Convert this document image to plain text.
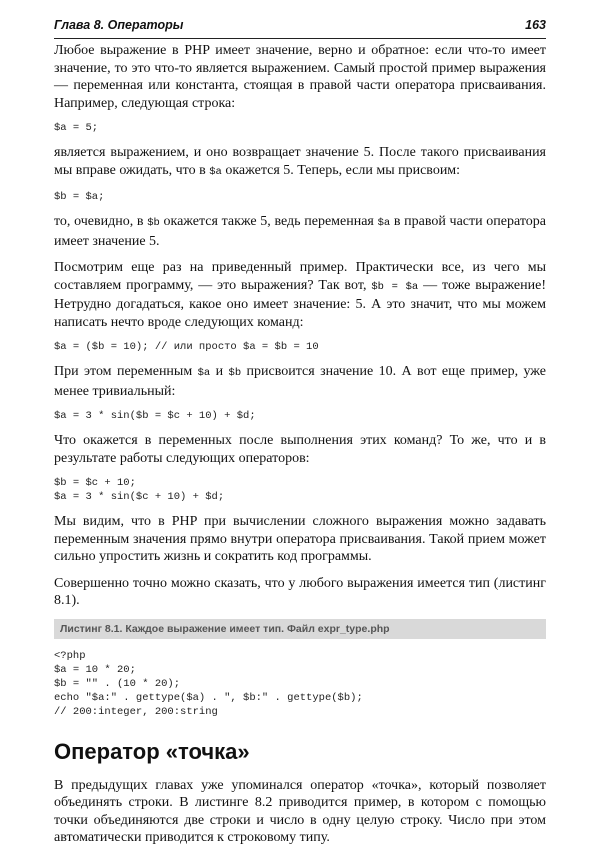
Глава 8. Операторы	163

Любое выражение в PHP имеет значение, верно и обратное: если что-то имеет значение, то это что-то является выражением. Самый простой пример выражения — переменная или константа, стоящая в правой части оператора присваивания. Например, следующая строка:

$a = 5;

является выражением, и оно возвращает значение 5. После такого присваивания мы вправе ожидать, что в $a окажется 5. Теперь, если мы присвоим:

$b = $a;

то, очевидно, в $b окажется также 5, ведь переменная $a в правой части оператора имеет значение 5.

Посмотрим еще раз на приведенный пример. Практически все, из чего мы составляем программу, — это выражения? Так вот, $b = $a — тоже выражение! Нетрудно догадаться, какое оно имеет значение: 5. А это значит, что мы можем написать нечто вроде следующих команд:

$a = ($b = 10); // или просто $a = $b = 10

При этом переменным $a и $b присвоится значение 10. А вот еще пример, уже менее тривиальный:

$a = 3 * sin($b = $c + 10) + $d;

Что окажется в переменных после выполнения этих команд? То же, что и в результате работы следующих операторов:

$b = $c + 10;
$a = 3 * sin($c + 10) + $d;

Мы видим, что в PHP при вычислении сложного выражения можно задавать переменным значения прямо внутри оператора присваивания. Такой прием может сильно упростить жизнь и сократить код программы.

Совершенно точно можно сказать, что у любого выражения имеется тип (листинг 8.1).

Листинг 8.1. Каждое выражение имеет тип. Файл expr_type.php
<?php
$a = 10 * 20;
$b = "" . (10 * 20);
echo "$a:" . gettype($a) . ", $b:" . gettype($b);
// 200:integer, 200:string
Оператор «точка»

В предыдущих главах уже упоминался оператор «точка», который позволяет объединять строки. В листинге 8.2 приводится пример, в котором с помощью точки объединяются две строки и число в одну целую строку. Число при этом автоматически приводится к строковому типу.
